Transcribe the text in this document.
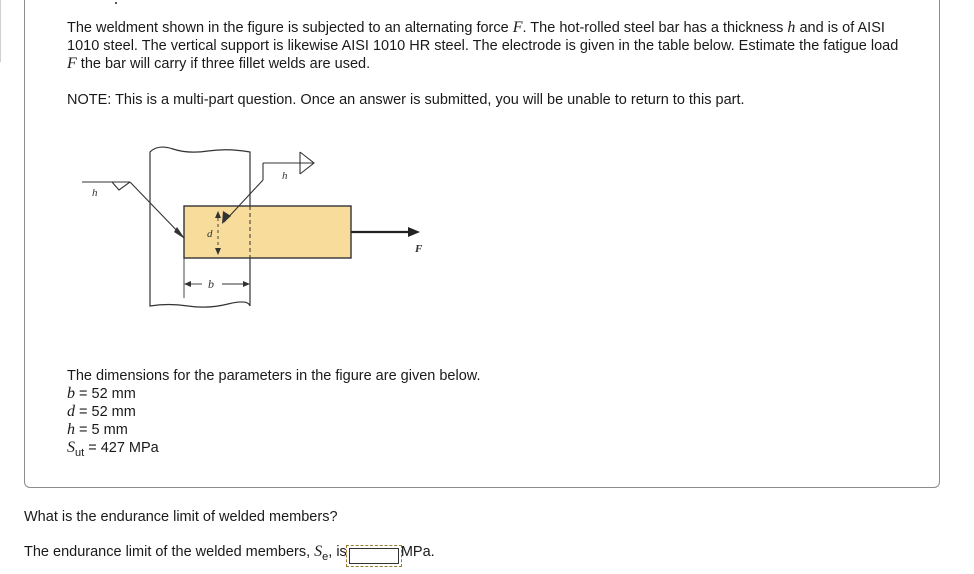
The weldment shown in the figure is subjected to an alternating force F. The hot-rolled steel bar has a thickness h and is of AISI 1010 steel. The vertical support is likewise AISI 1010 HR steel. The electrode is given in the table below. Estimate the fatigue load F the bar will carry if three fillet welds are used.

NOTE: This is a multi-part question. Once an answer is submitted, you will be unable to return to this part.

d
b
F
h
h
The dimensions for the parameters in the figure are given below.
b = 52 mm
d = 52 mm
h = 5 mm
$S_{ut} = 427$ MPa

What is the endurance limit of welded members?

The endurance limit of the welded members, $S_e$, is	MPa.
